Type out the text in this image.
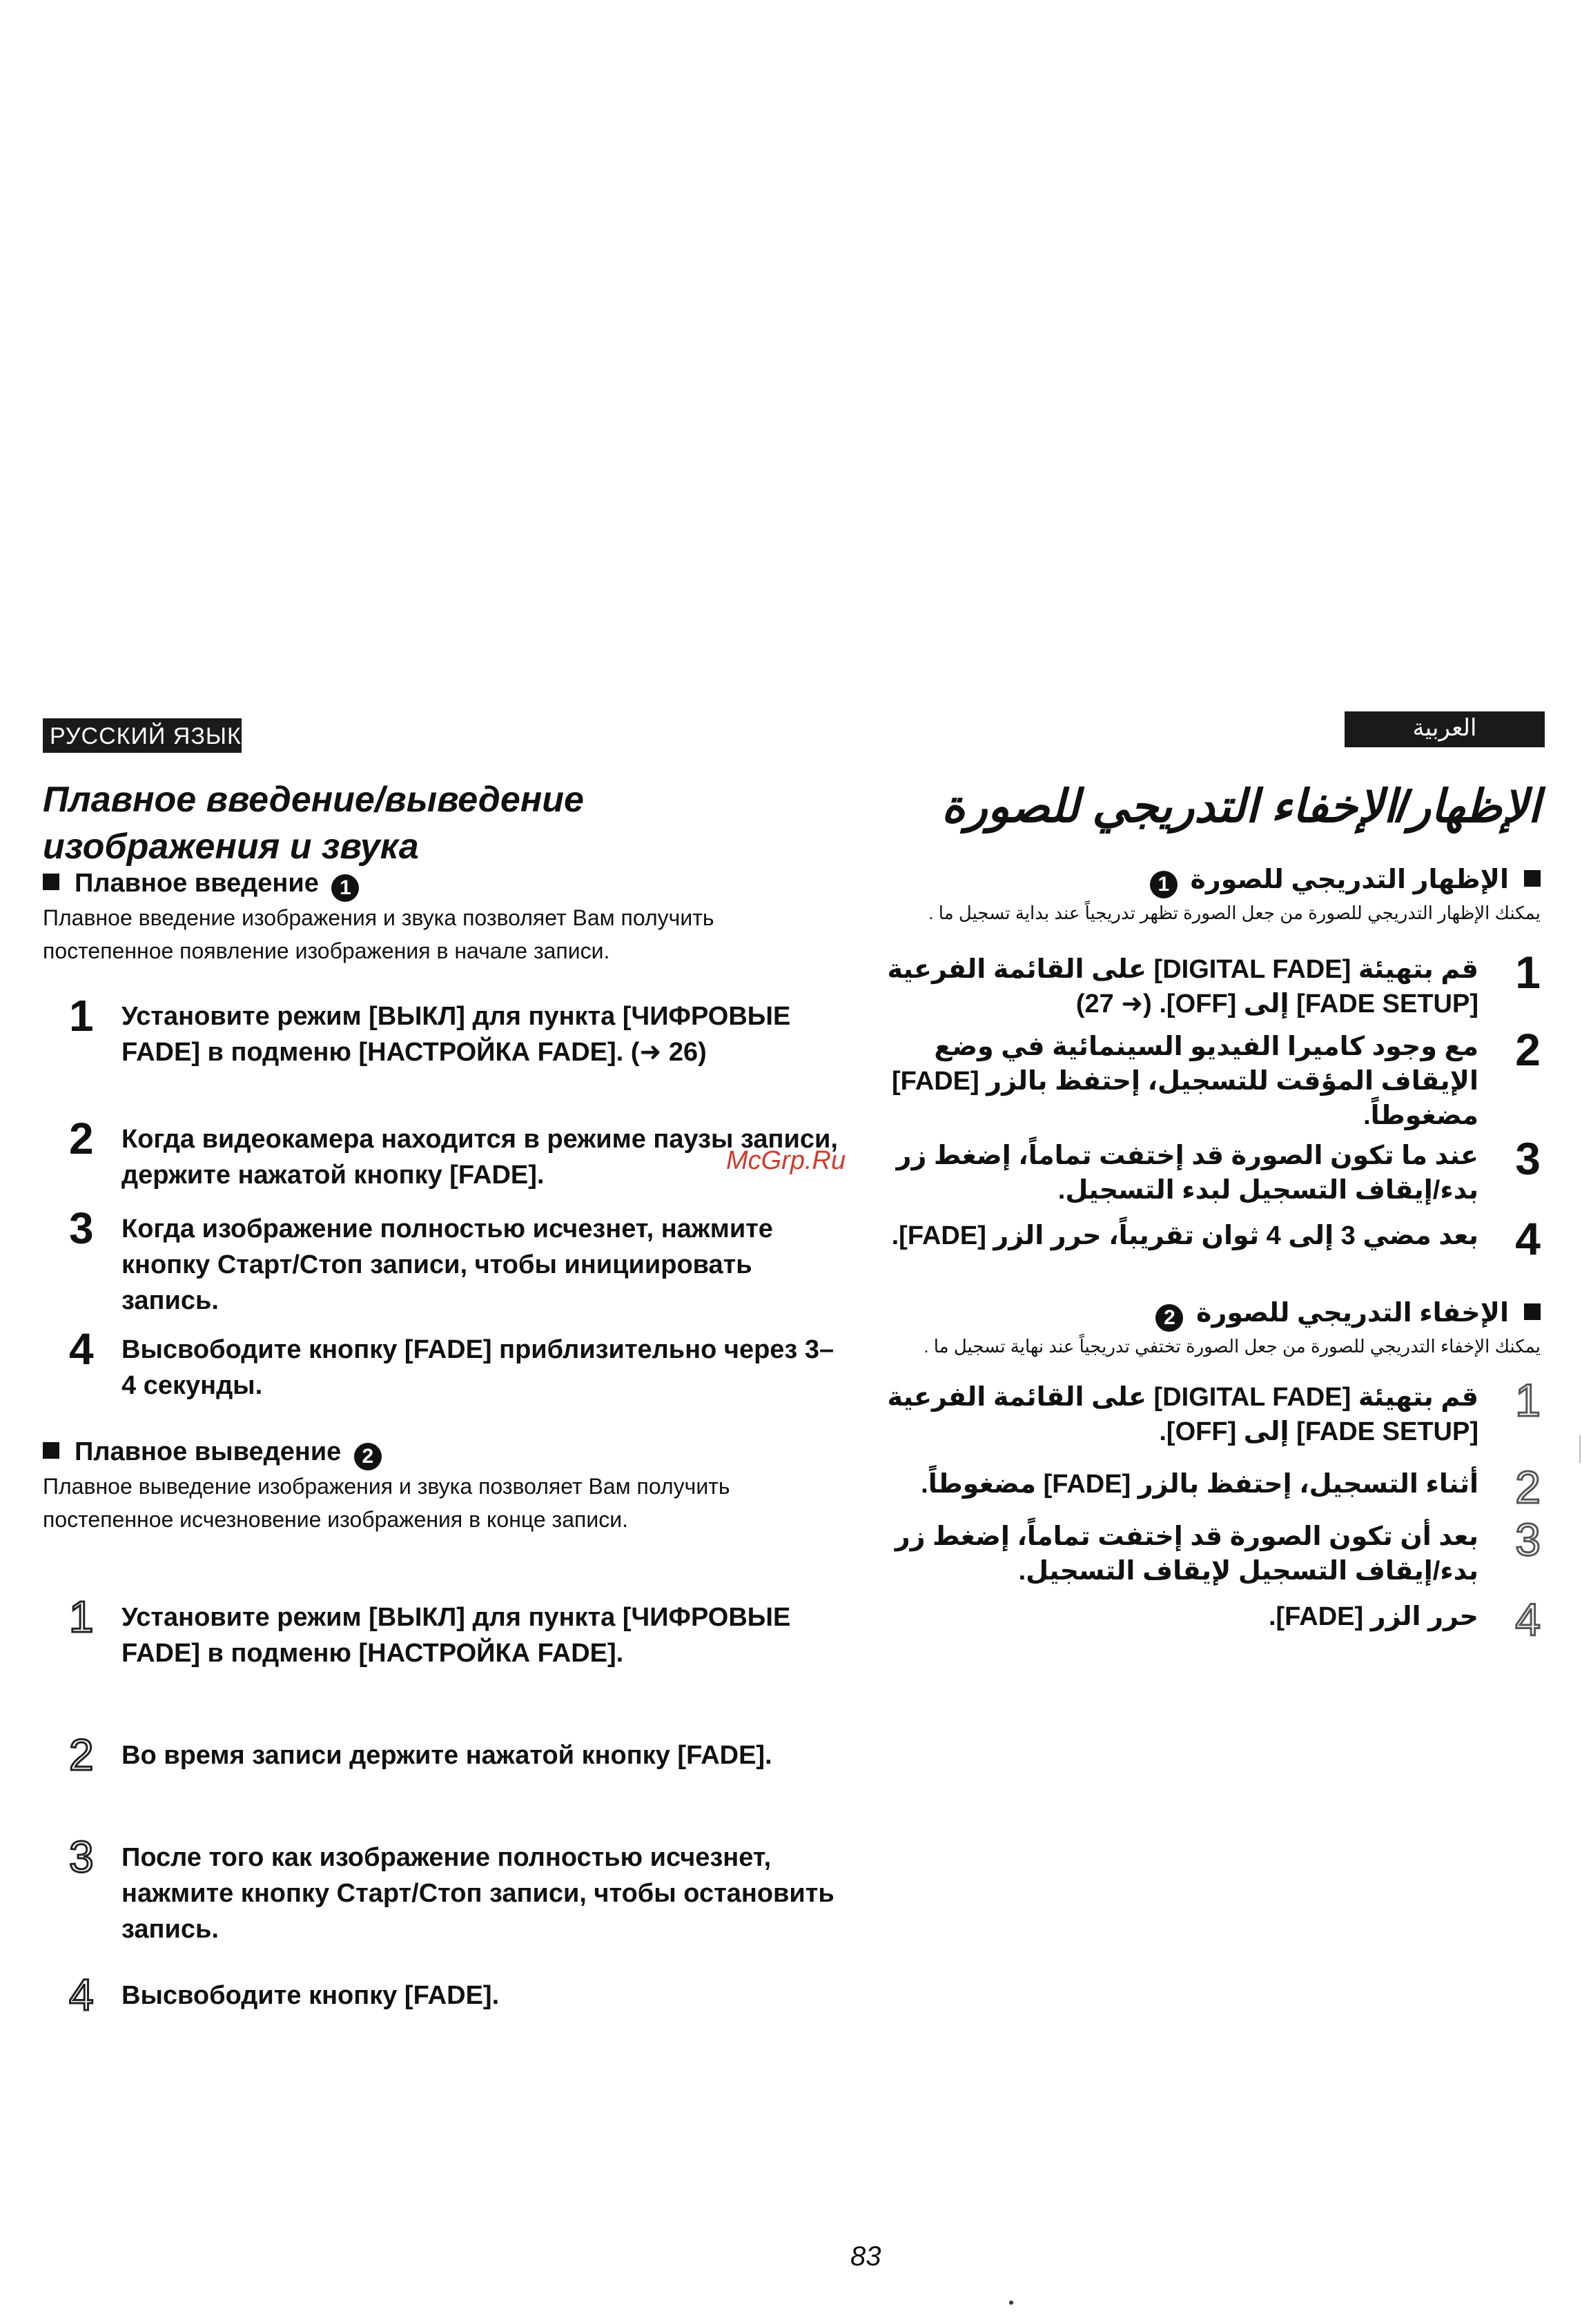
РУССКИЙ ЯЗЫК
Плавное введение/выведение изображения и звука
Плавное введение 1
Плавное введение изображения и звука позволяет Вам получить постепенное появление изображения в начале записи.
1 Установите режим [ВЫКЛ] для пункта [ЧИФРОВЫЕ FADE] в подменю [НАСТРОЙКА FADE]. (➜ 26)
2 Когда видеокамера находится в режиме паузы записи, держите нажатой кнопку [FADE].
3 Когда изображение полностью исчезнет, нажмите кнопку Старт/Стоп записи, чтобы инициировать запись.
4 Высвободите кнопку [FADE] приблизительно через 3–4 секунды.
Плавное выведение 2
Плавное выведение изображения и звука позволяет Вам получить постепенное исчезновение изображения в конце записи.
1 Установите режим [ВЫКЛ] для пункта [ЧИФРОВЫЕ FADE] в подменю [НАСТРОЙКА FADE].
2 Во время записи держите нажатой кнопку [FADE].
3 После того как изображение полностью исчезнет, нажмите кнопку Старт/Стоп записи, чтобы остановить запись.
4 Высвободите кнопку [FADE].
McGrp.Ru
العربية
الإظهار/الإخفاء التدريجي للصورة
الإظهار التدريجي للصورة 1
يمكنك الإظهار التدريجي للصورة من جعل الصورة تظهر تدريجياً عند بداية تسجيل ما .
1
قم بتهيئة [DIGITAL FADE] على القائمة الفرعية [FADE SETUP] إلى [OFF]. (➜ 27)
2
مع وجود كاميرا الفيديو السينمائية في وضع الإيقاف المؤقت للتسجيل، إحتفظ بالزر [FADE] مضغوطاً.
3
عند ما تكون الصورة قد إختفت تماماً، إضغط زر بدء/إيقاف التسجيل لبدء التسجيل.
4
بعد مضي 3 إلى 4 ثوان تقريباً، حرر الزر [FADE].
الإخفاء التدريجي للصورة 2
يمكنك الإخفاء التدريجي للصورة من جعل الصورة تختفي تدريجياً عند نهاية تسجيل ما .
1
قم بتهيئة [DIGITAL FADE] على القائمة الفرعية [FADE SETUP] إلى [OFF].
2
أثناء التسجيل، إحتفظ بالزر [FADE] مضغوطاً.
3
بعد أن تكون الصورة قد إختفت تماماً، إضغط زر بدء/إيقاف التسجيل لإيقاف التسجيل.
4
حرر الزر [FADE].
83
